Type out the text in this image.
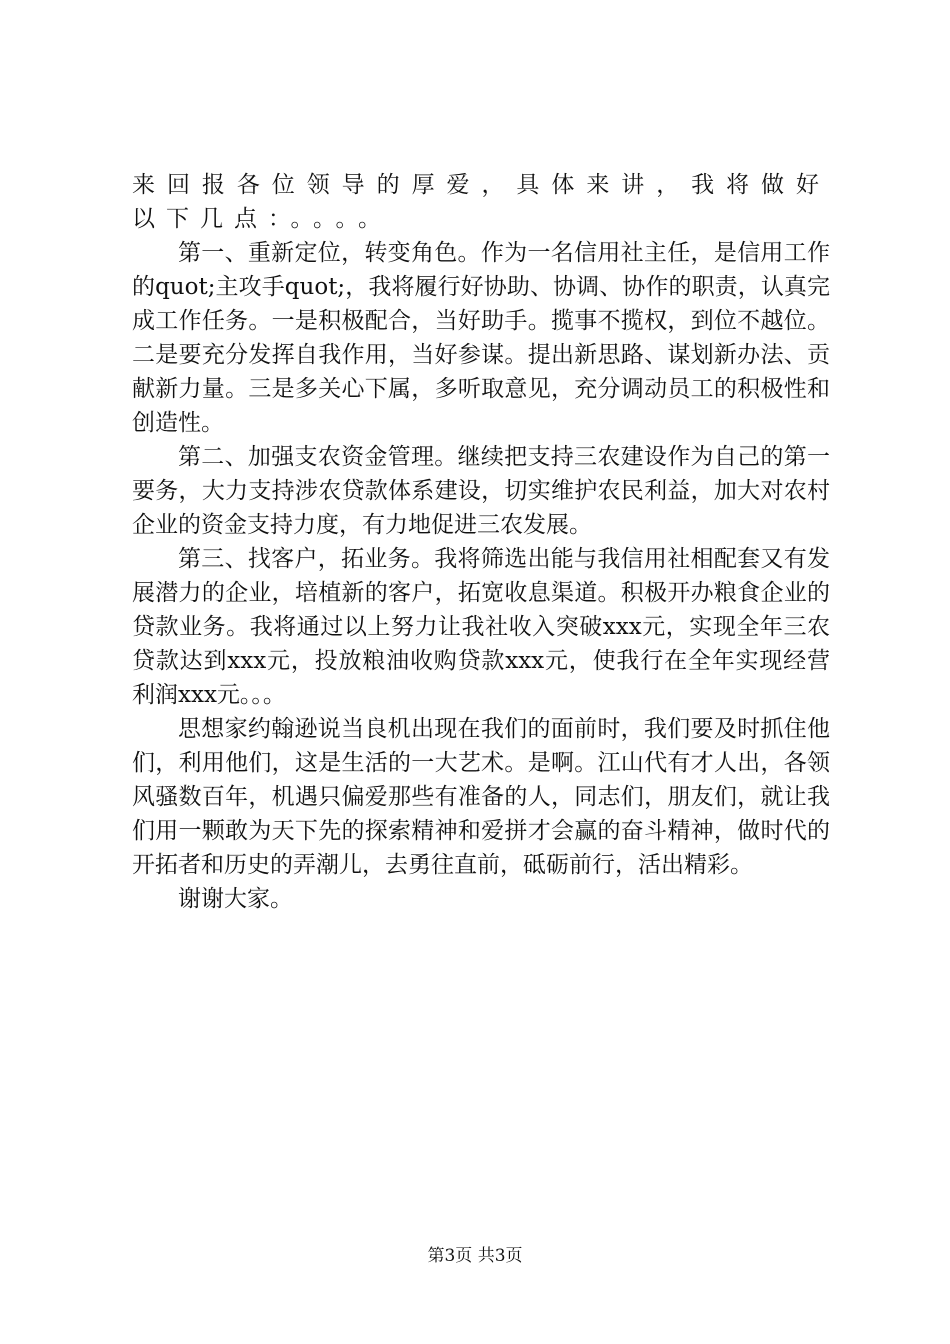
来回报各位领导的厚爱，具体来讲，我将做好以下几点：。。。。

第一、重新定位，转变角色。作为一名信用社主任，是信用工作的quot;主攻手quot;，我将履行好协助、协调、协作的职责，认真完成工作任务。一是积极配合，当好助手。揽事不揽权，到位不越位。二是要充分发挥自我作用，当好参谋。提出新思路、谋划新办法、贡献新力量。三是多关心下属，多听取意见，充分调动员工的积极性和创造性。

第二、加强支农资金管理。继续把支持三农建设作为自己的第一要务，大力支持涉农贷款体系建设，切实维护农民利益，加大对农村企业的资金支持力度，有力地促进三农发展。

第三、找客户，拓业务。我将筛选出能与我信用社相配套又有发展潜力的企业，培植新的客户，拓宽收息渠道。积极开办粮食企业的贷款业务。我将通过以上努力让我社收入突破xxx元，实现全年三农贷款达到xxx元，投放粮油收购贷款xxx元，使我行在全年实现经营利润xxx元。。。

思想家约翰逊说当良机出现在我们的面前时，我们要及时抓住他们，利用他们，这是生活的一大艺术。是啊。江山代有才人出，各领风骚数百年，机遇只偏爱那些有准备的人，同志们，朋友们，就让我们用一颗敢为天下先的探索精神和爱拼才会赢的奋斗精神，做时代的开拓者和历史的弄潮儿，去勇往直前，砥砺前行，活出精彩。

谢谢大家。

第3页 共3页
